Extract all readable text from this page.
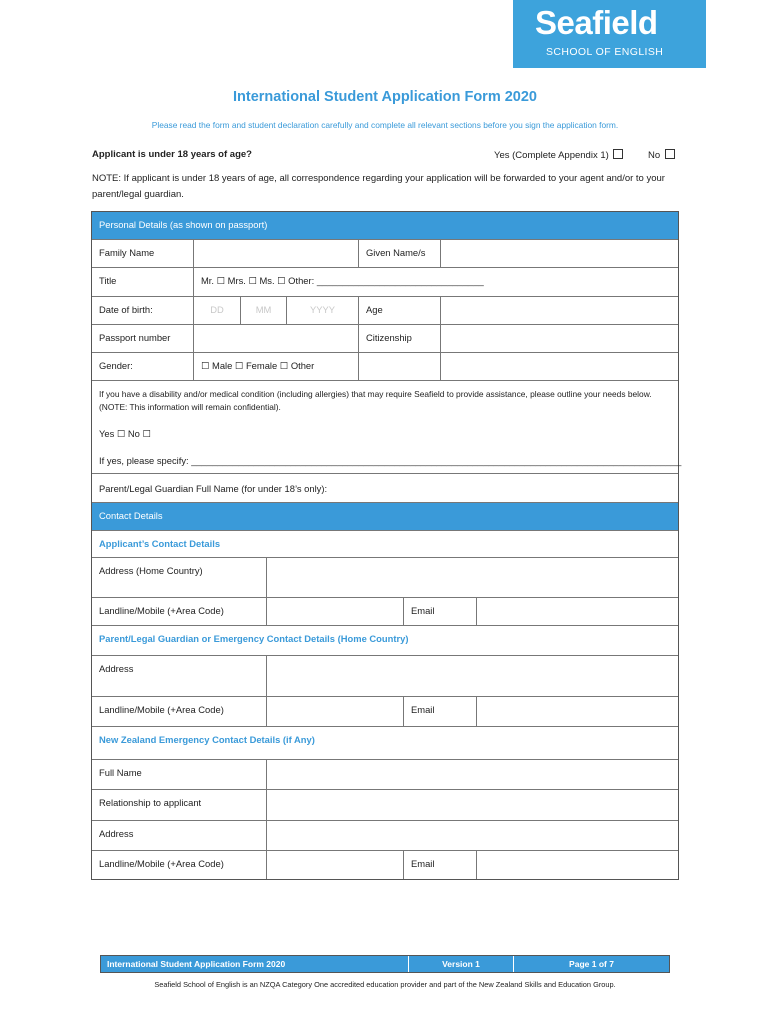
Seafield
SCHOOL OF ENGLISH
International Student Application Form 2020
Please read the form and student declaration carefully and complete all relevant sections before you sign the application form.
Applicant is under 18 years of age?	Yes (Complete Appendix 1)	No
NOTE: If applicant is under 18 years of age, all correspondence regarding your application will be forwarded to your agent and/or to your parent/legal guardian.
Personal Details (as shown on passport)
Family Name	Given Name/s
Title	Mr. ☐ Mrs. ☐ Ms. ☐ Other: ________________________________
Date of birth:	DD	MM	YYYY	Age
Passport number	Citizenship
Gender:	☐ Male ☐ Female ☐ Other
If you have a disability and/or medical condition (including allergies) that may require Seafield to provide assistance, please outline your needs below. (NOTE: This information will remain confidential).
Yes ☐ No ☐
If yes, please specify: ______________________________________________________________________________________________
Parent/Legal Guardian Full Name (for under 18’s only):
Contact Details
Applicant’s Contact Details
Address (Home Country)
Landline/Mobile (+Area Code)	Email
Parent/Legal Guardian or Emergency Contact Details (Home Country)
Address
Landline/Mobile (+Area Code)	Email
New Zealand Emergency Contact Details (if Any)
Full Name
Relationship to applicant
Address
Landline/Mobile (+Area Code)	Email
International Student Application Form 2020	Version 1	Page 1 of 7
Seafield School of English is an NZQA Category One accredited education provider and part of the New Zealand Skills and Education Group.
